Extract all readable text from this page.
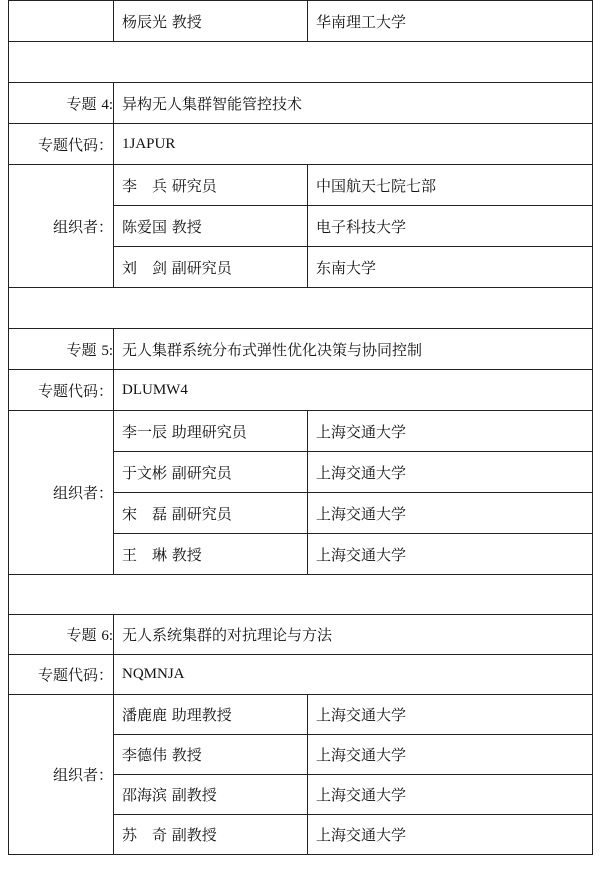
	杨辰光 教授	华南理工大学

专题 4:	异构无人集群智能管控技术	
专题代码：	1JAPUR	
组织者：	李　兵 研究员	中国航天七院七部
	陈爱国 教授	电子科技大学
	刘　剑 副研究员	东南大学

专题 5:	无人集群系统分布式弹性优化决策与协同控制	
专题代码：	DLUMW4	
组织者：	李一辰 助理研究员	上海交通大学
	于文彬 副研究员	上海交通大学
	宋　磊 副研究员	上海交通大学
	王　琳 教授	上海交通大学

专题 6:	无人系统集群的对抗理论与方法	
专题代码：	NQMNJA	
组织者：	潘鹿鹿 助理教授	上海交通大学
	李德伟 教授	上海交通大学
	邵海滨 副教授	上海交通大学
	苏　奇 副教授	上海交通大学
